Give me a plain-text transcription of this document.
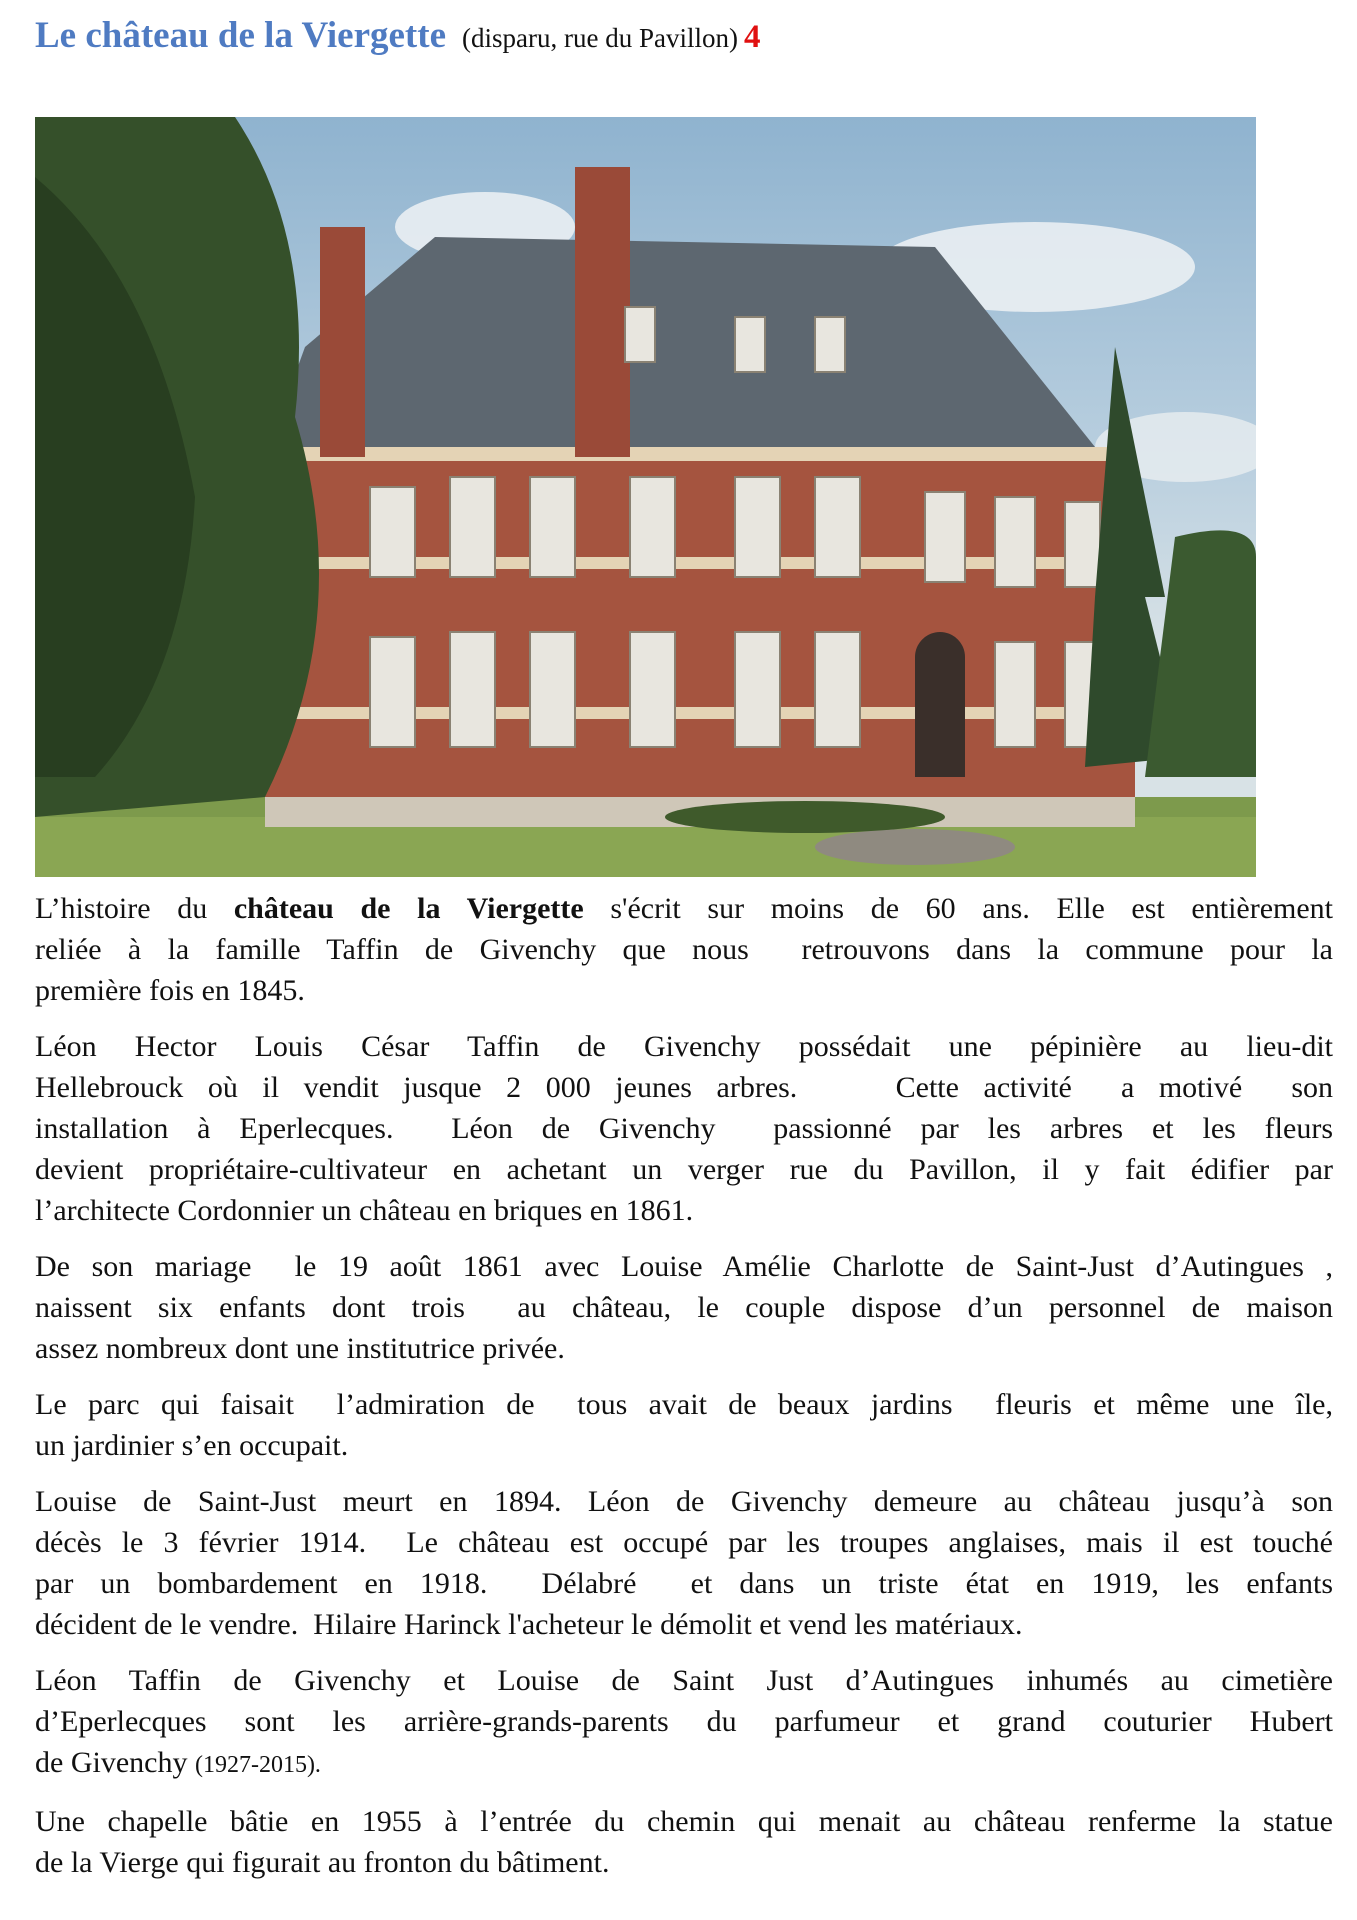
Le château de la Viergette (disparu, rue du Pavillon) 4
L’histoire du château de la Viergette s'écrit sur moins de 60 ans. Elle est entièrement
reliée à la famille Taffin de Givenchy que nous  retrouvons dans la commune pour la
première fois en 1845.
Léon Hector Louis César Taffin de Givenchy possédait une pépinière au lieu-dit
Hellebrouck où il vendit jusque 2 000 jeunes arbres.    Cette activité  a motivé  son
installation à Eperlecques.  Léon de Givenchy  passionné par les arbres et les fleurs
devient propriétaire-cultivateur en achetant un verger rue du Pavillon, il y fait édifier par
l’architecte Cordonnier un château en briques en 1861.
De son mariage  le 19 août 1861 avec Louise Amélie Charlotte de Saint-Just d’Autingues ,
naissent six enfants dont trois  au château, le couple dispose d’un personnel de maison
assez nombreux dont une institutrice privée.
Le parc qui faisait  l’admiration de  tous avait de beaux jardins  fleuris et même une île,
un jardinier s’en occupait.
Louise de Saint-Just meurt en 1894. Léon de Givenchy demeure au château jusqu’à son
décès le 3 février 1914.  Le château est occupé par les troupes anglaises, mais il est touché
par un bombardement en 1918.  Délabré  et dans un triste état en 1919, les enfants
décident de le vendre.  Hilaire Harinck l'acheteur le démolit et vend les matériaux.
Léon Taffin de Givenchy et Louise de Saint Just d’Autingues inhumés au cimetière
d’Eperlecques sont les arrière-grands-parents du parfumeur et grand couturier Hubert
de Givenchy (1927-2015).
Une chapelle bâtie en 1955 à l’entrée du chemin qui menait au château renferme la statue
de la Vierge qui figurait au fronton du bâtiment.
